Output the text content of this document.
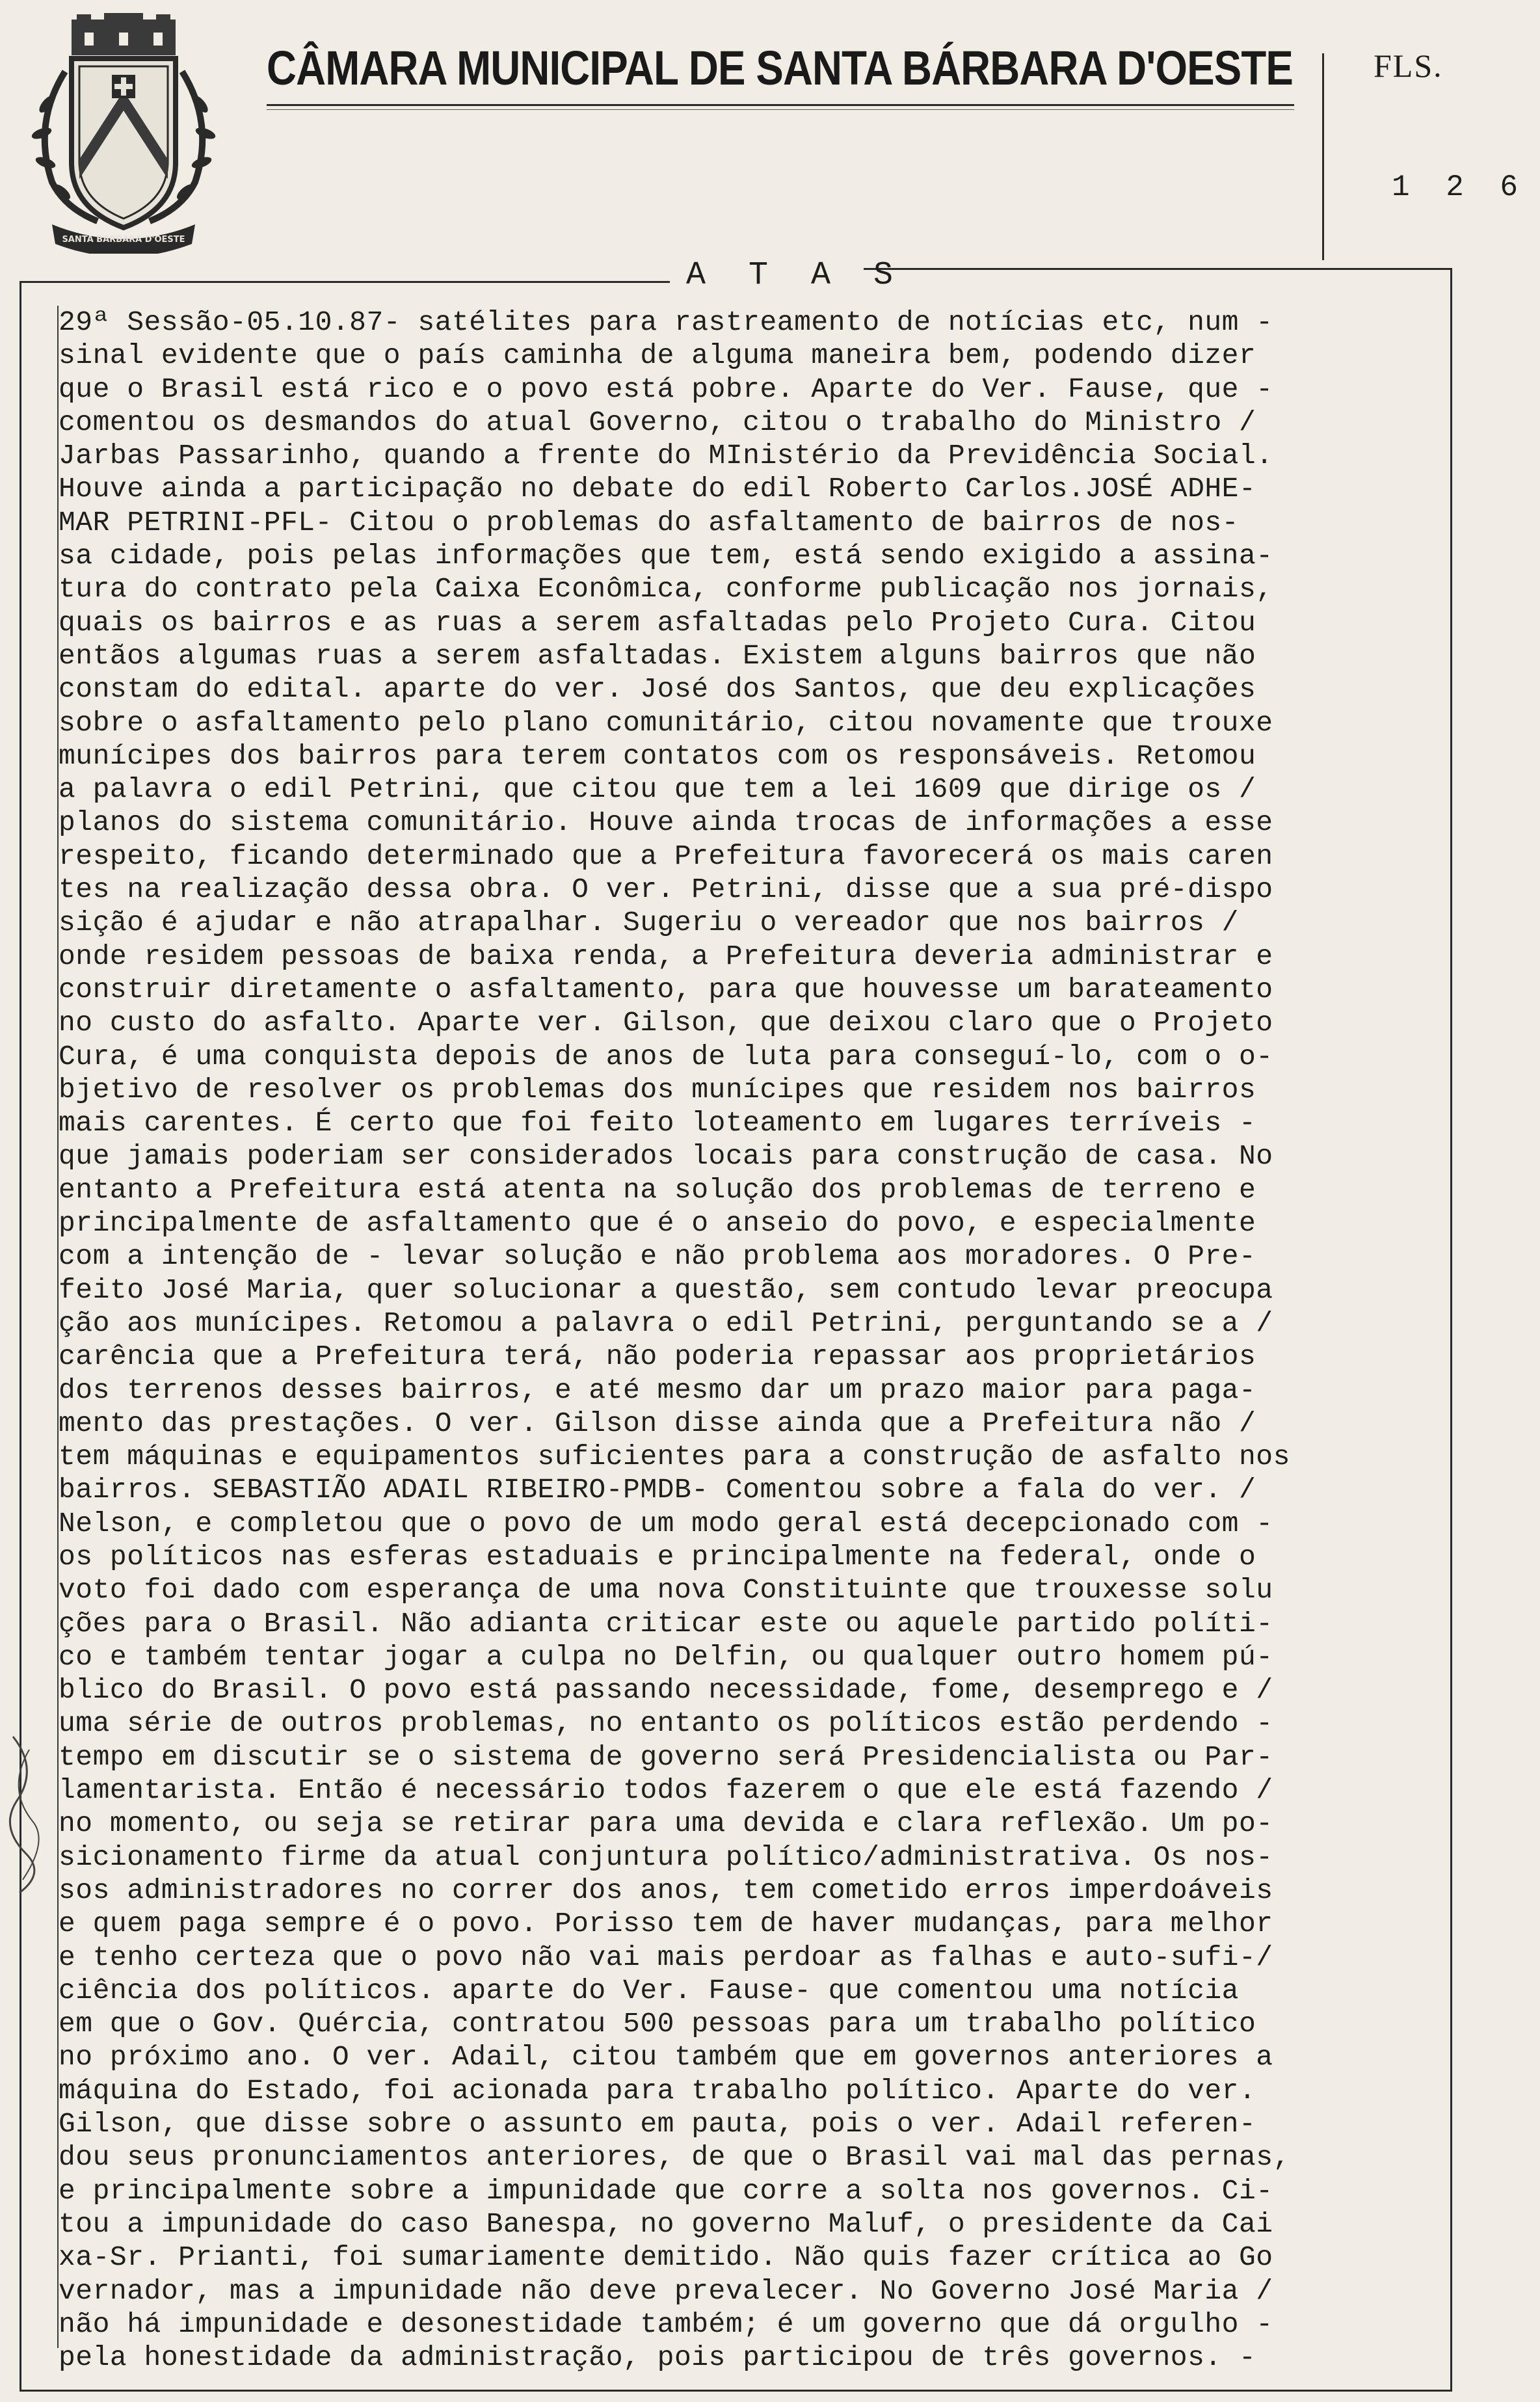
SANTA BARBARA D'OESTE
CÂMARA MUNICIPAL DE SANTA BÁRBARA D'OESTE FLS.
1 2 6
A T A S
29ª Sessão-05.10.87- satélites para rastreamento de notícias etc, num -
sinal evidente que o país caminha de alguma maneira bem, podendo dizer
que o Brasil está rico e o povo está pobre. Aparte do Ver. Fause, que -
comentou os desmandos do atual Governo, citou o trabalho do Ministro /
Jarbas Passarinho, quando a frente do MInistério da Previdência Social.
Houve ainda a participação no debate do edil Roberto Carlos.JOSÉ ADHE-
MAR PETRINI-PFL- Citou o problemas do asfaltamento de bairros de nos-
sa cidade, pois pelas informações que tem, está sendo exigido a assina-
tura do contrato pela Caixa Econômica, conforme publicação nos jornais,
quais os bairros e as ruas a serem asfaltadas pelo Projeto Cura. Citou
entãos algumas ruas a serem asfaltadas. Existem alguns bairros que não
constam do edital. aparte do ver. José dos Santos, que deu explicações
sobre o asfaltamento pelo plano comunitário, citou novamente que trouxe
munícipes dos bairros para terem contatos com os responsáveis. Retomou
a palavra o edil Petrini, que citou que tem a lei 1609 que dirige os /
planos do sistema comunitário. Houve ainda trocas de informações a esse
respeito, ficando determinado que a Prefeitura favorecerá os mais caren
tes na realização dessa obra. O ver. Petrini, disse que a sua pré-dispo
sição é ajudar e não atrapalhar. Sugeriu o vereador que nos bairros /
onde residem pessoas de baixa renda, a Prefeitura deveria administrar e
construir diretamente o asfaltamento, para que houvesse um barateamento
no custo do asfalto. Aparte ver. Gilson, que deixou claro que o Projeto
Cura, é uma conquista depois de anos de luta para conseguí-lo, com o o-
bjetivo de resolver os problemas dos munícipes que residem nos bairros
mais carentes. É certo que foi feito loteamento em lugares terríveis -
que jamais poderiam ser considerados locais para construção de casa. No
entanto a Prefeitura está atenta na solução dos problemas de terreno e
principalmente de asfaltamento que é o anseio do povo, e especialmente
com a intenção de - levar solução e não problema aos moradores. O Pre-
feito José Maria, quer solucionar a questão, sem contudo levar preocupa
ção aos munícipes. Retomou a palavra o edil Petrini, perguntando se a /
carência que a Prefeitura terá, não poderia repassar aos proprietários
dos terrenos desses bairros, e até mesmo dar um prazo maior para paga-
mento das prestações. O ver. Gilson disse ainda que a Prefeitura não /
tem máquinas e equipamentos suficientes para a construção de asfalto nos
bairros. SEBASTIÃO ADAIL RIBEIRO-PMDB- Comentou sobre a fala do ver. /
Nelson, e completou que o povo de um modo geral está decepcionado com -
os políticos nas esferas estaduais e principalmente na federal, onde o
voto foi dado com esperança de uma nova Constituinte que trouxesse solu
ções para o Brasil. Não adianta criticar este ou aquele partido políti-
co e também tentar jogar a culpa no Delfin, ou qualquer outro homem pú-
blico do Brasil. O povo está passando necessidade, fome, desemprego e /
uma série de outros problemas, no entanto os políticos estão perdendo -
tempo em discutir se o sistema de governo será Presidencialista ou Par-
lamentarista. Então é necessário todos fazerem o que ele está fazendo /
no momento, ou seja se retirar para uma devida e clara reflexão. Um po-
sicionamento firme da atual conjuntura político/administrativa. Os nos-
sos administradores no correr dos anos, tem cometido erros imperdoáveis
e quem paga sempre é o povo. Porisso tem de haver mudanças, para melhor
e tenho certeza que o povo não vai mais perdoar as falhas e auto-sufi-/
ciência dos políticos. aparte do Ver. Fause- que comentou uma notícia
em que o Gov. Quércia, contratou 500 pessoas para um trabalho político
no próximo ano. O ver. Adail, citou também que em governos anteriores a
máquina do Estado, foi acionada para trabalho político. Aparte do ver.
Gilson, que disse sobre o assunto em pauta, pois o ver. Adail referen-
dou seus pronunciamentos anteriores, de que o Brasil vai mal das pernas,
e principalmente sobre a impunidade que corre a solta nos governos. Ci-
tou a impunidade do caso Banespa, no governo Maluf, o presidente da Cai
xa-Sr. Prianti, foi sumariamente demitido. Não quis fazer crítica ao Go
vernador, mas a impunidade não deve prevalecer. No Governo José Maria /
não há impunidade e desonestidade também; é um governo que dá orgulho -
pela honestidade da administração, pois participou de três governos. -
